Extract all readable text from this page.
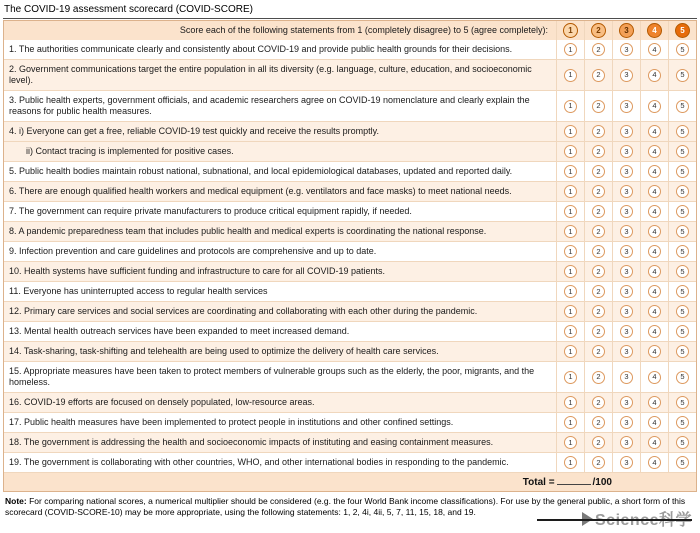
The COVID-19 assessment scorecard (COVID-SCORE)
Score each of the following statements from 1 (completely disagree) to 5 (agree completely):	1	2	3	4	5
1. The authorities communicate clearly and consistently about COVID-19 and provide public health grounds for their decisions.	1	2	3	4	5
2. Government communications target the entire population in all its diversity (e.g. language, culture, education, and socioeconomic level).
1	2	3	4	5
3. Public health experts, government officials, and academic researchers agree on COVID-19 nomenclature and clearly explain the reasons for public health measures.
1	2	3	4	5
4. i) Everyone can get a free, reliable COVID-19 test quickly and receive the results promptly.	1	2	3	4	5
ii) Contact tracing is implemented for positive cases.	1	2	3	4	5
5. Public health bodies maintain robust national, subnational, and local epidemiological databases, updated and reported daily.	1	2	3	4	5
6. There are enough qualified health workers and medical equipment (e.g. ventilators and face masks) to meet national needs.	1	2	3	4	5
7. The government can require private manufacturers to produce critical equipment rapidly, if needed.	1	2	3	4	5
8. A pandemic preparedness team that includes public health and medical experts is coordinating the national response.	1	2	3	4	5
9. Infection prevention and care guidelines and protocols are comprehensive and up to date.	1	2	3	4	5
10. Health systems have sufficient funding and infrastructure to care for all COVID-19 patients.	1	2	3	4	5
11. Everyone has uninterrupted access to regular health services	1	2	3	4	5
12. Primary care services and social services are coordinating and collaborating with each other during the pandemic.	1	2	3	4	5
13. Mental health outreach services have been expanded to meet increased demand.	1	2	3	4	5
14. Task-sharing, task-shifting and telehealth are being used to optimize the delivery of health care services.	1	2	3	4	5
15. Appropriate measures have been taken to protect members of vulnerable groups such as the elderly, the poor, migrants, and the homeless.
1	2	3	4	5
16. COVID-19 efforts are focused on densely populated, low-resource areas.	1	2	3	4	5
17. Public health measures have been implemented to protect people in institutions and other confined settings.	1	2	3	4	5
18. The government is addressing the health and socioeconomic impacts of instituting and easing containment measures.	1	2	3	4	5
19. The government is collaborating with other countries, WHO, and other international bodies in responding to the pandemic.	1	2	3	4	5
Total =	/100
Note: For comparing national scores, a numerical multiplier should be considered (e.g. the four World Bank income classifications). For use by the general public, a short form of this scorecard (COVID-SCORE-10) may be more appropriate, using the following statements: 1, 2, 4i, 4ii, 5, 7, 11, 15, 18, and 19.	Science科学
